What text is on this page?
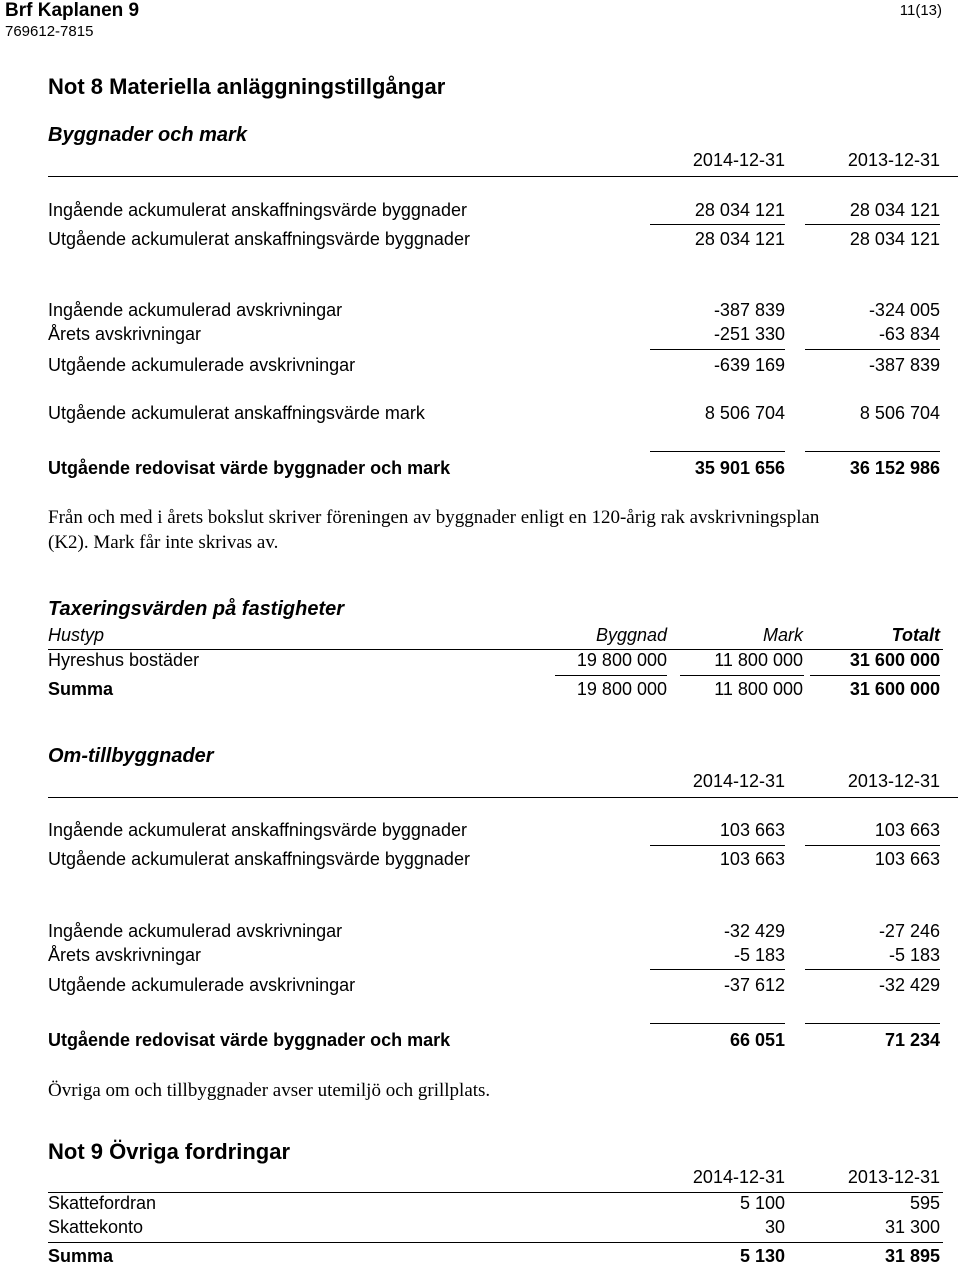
Brf Kaplanen 9
769612-7815
11(13)
Not 8 Materiella anläggningstillgångar
Byggnader och mark
2014-12-31	2013-12-31
Ingående ackumulerat anskaffningsvärde byggnader	28 034 121	28 034 121
Utgående ackumulerat anskaffningsvärde byggnader	28 034 121	28 034 121
Ingående ackumulerad avskrivningar	-387 839	-324 005
Årets avskrivningar	-251 330	-63 834
Utgående ackumulerade avskrivningar	-639 169	-387 839
Utgående ackumulerat anskaffningsvärde mark	8 506 704	8 506 704
Utgående redovisat värde byggnader och mark	35 901 656	36 152 986
Från och med i årets bokslut skriver föreningen av byggnader enligt en 120-årig rak avskrivningsplan
(K2). Mark får inte skrivas av.
Taxeringsvärden på fastigheter
Hustyp	Byggnad	Mark	Totalt
Hyreshus bostäder	19 800 000	11 800 000	31 600 000
Summa	19 800 000	11 800 000	31 600 000
Om-tillbyggnader
2014-12-31	2013-12-31
Ingående ackumulerat anskaffningsvärde byggnader	103 663	103 663
Utgående ackumulerat anskaffningsvärde byggnader	103 663	103 663
Ingående ackumulerad avskrivningar	-32 429	-27 246
Årets avskrivningar	-5 183	-5 183
Utgående ackumulerade avskrivningar	-37 612	-32 429
Utgående redovisat värde byggnader och mark	66 051	71 234
Övriga om och tillbyggnader avser utemiljö och grillplats.
Not 9 Övriga fordringar
2014-12-31	2013-12-31
Skattefordran	5 100	595
Skattekonto	30	31 300
Summa	5 130	31 895
